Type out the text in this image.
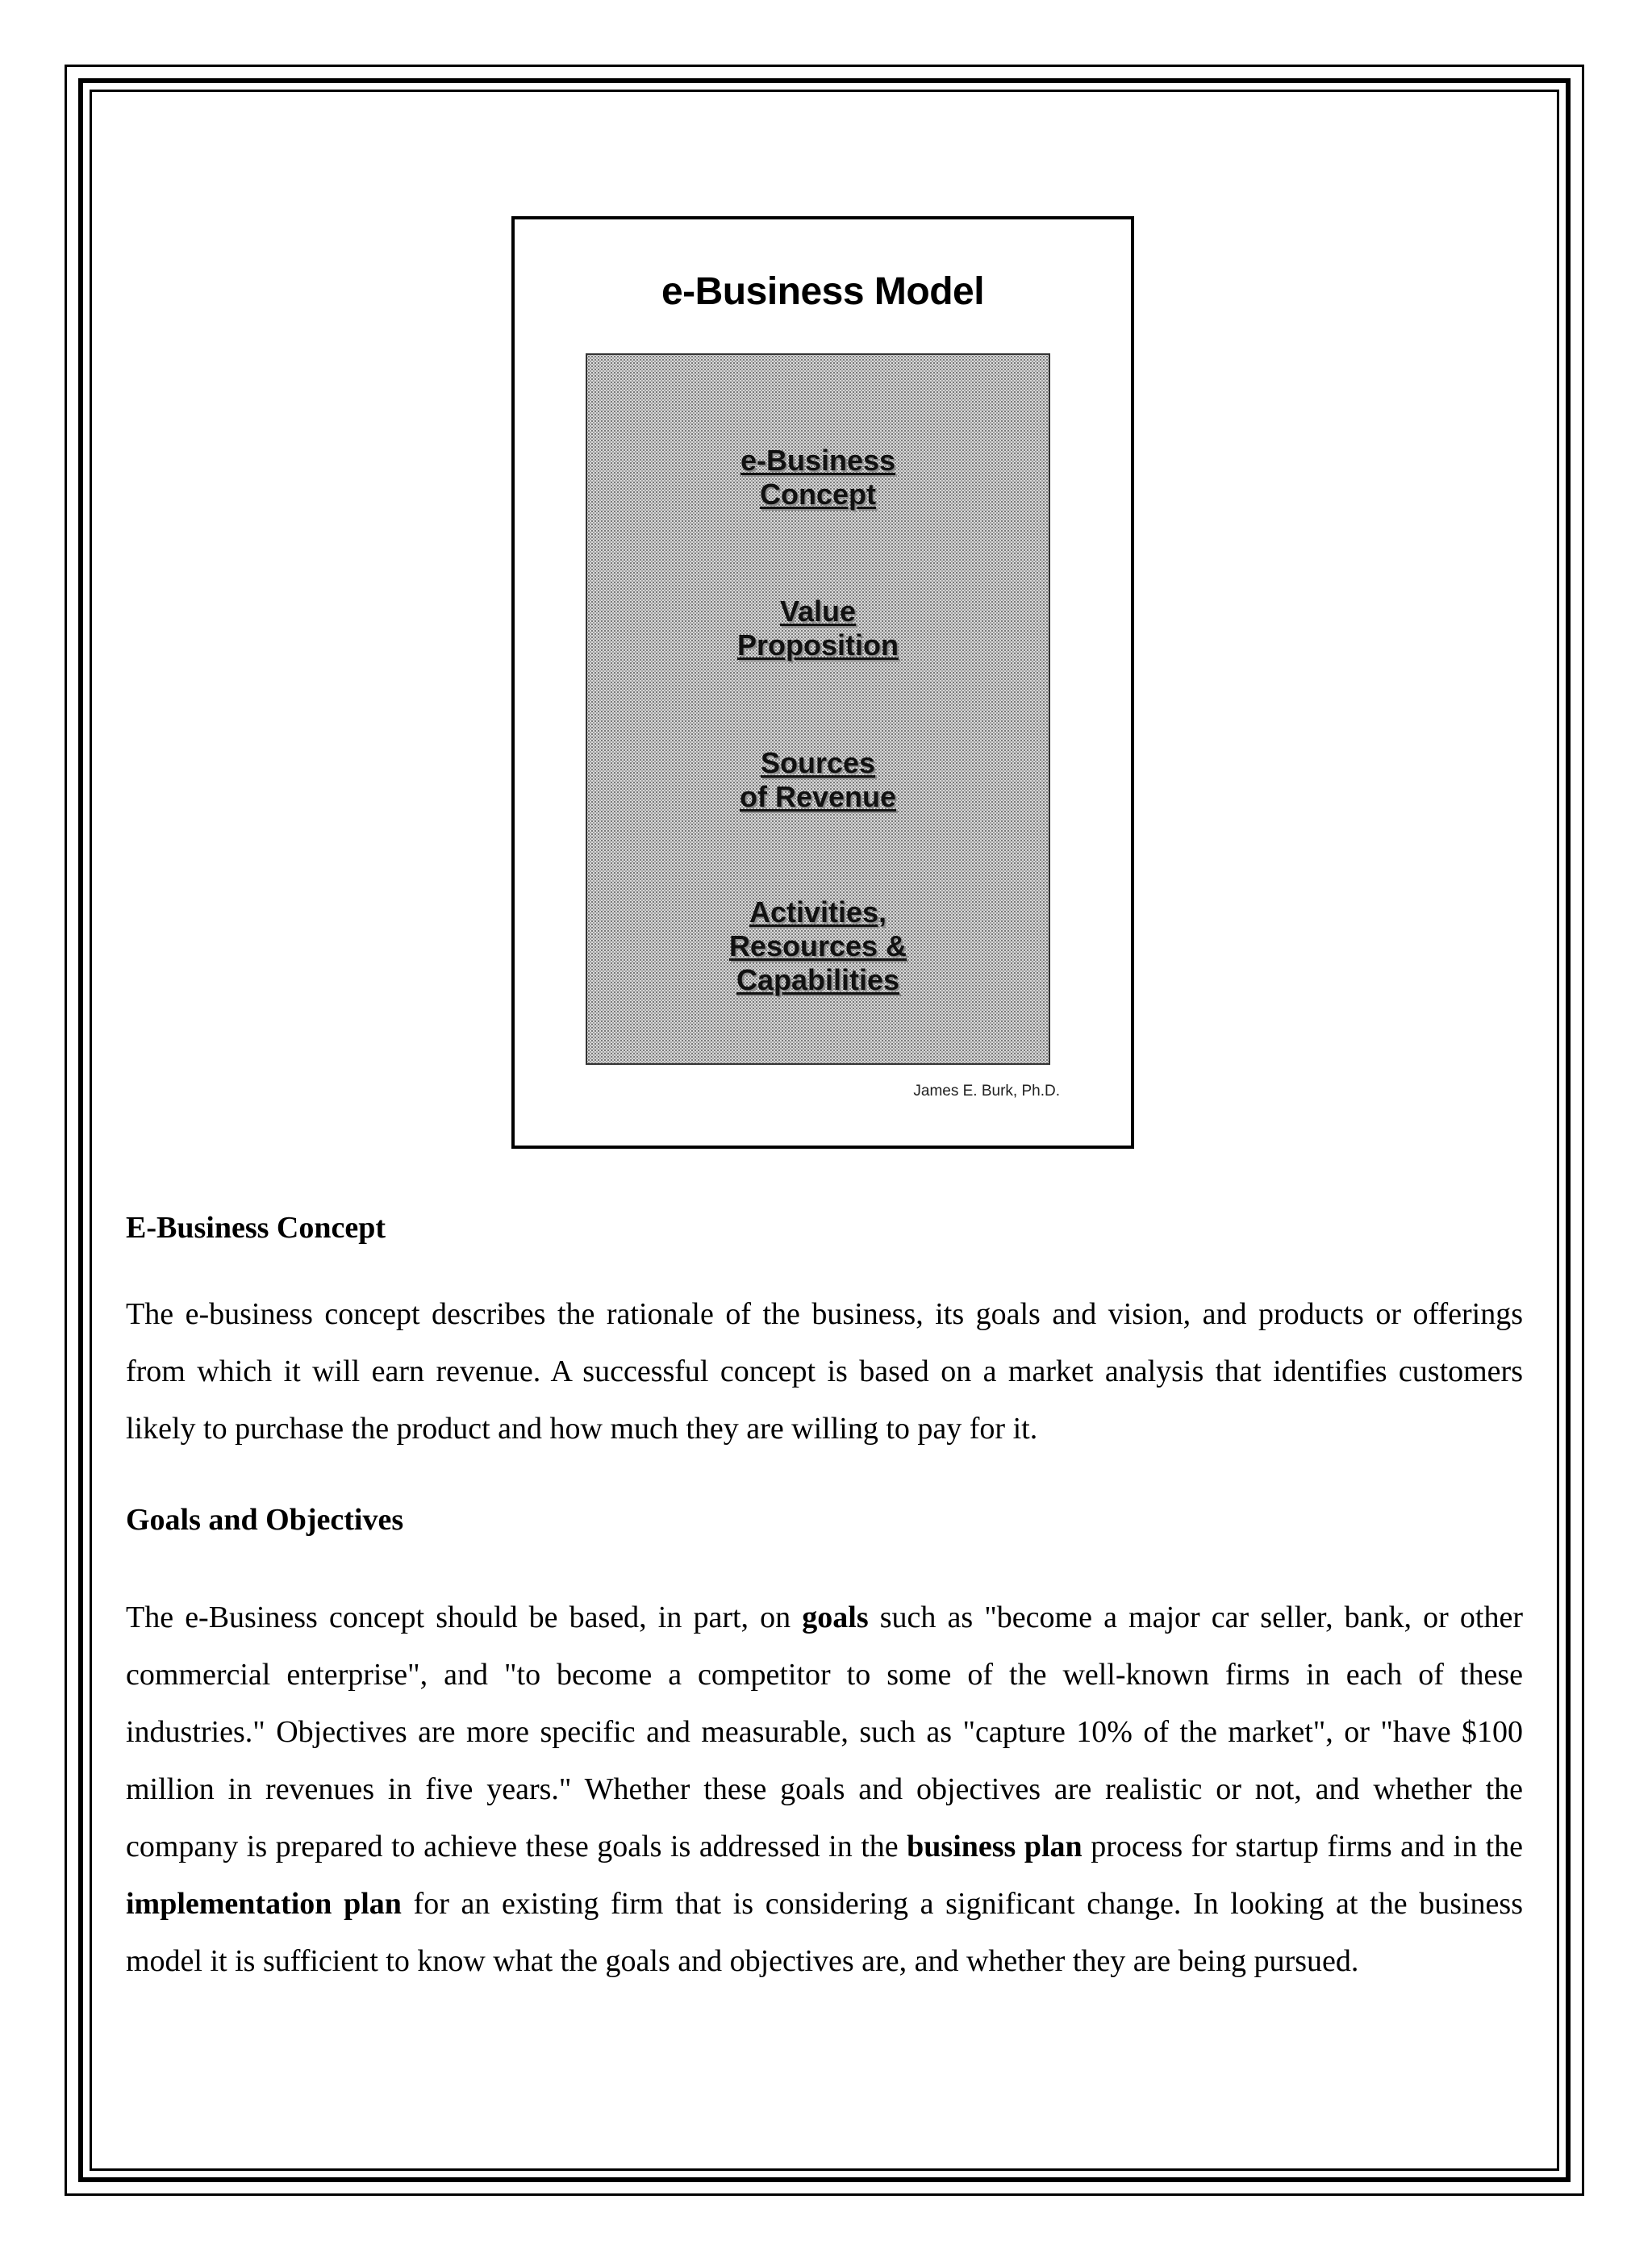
e-Business Model
e-Business
Concept
Value
Proposition
Sources
of Revenue
Activities,
Resources &
Capabilities
James E. Burk, Ph.D.
E-Business Concept

The e-business concept describes the rationale of the business, its goals and vision, and products or offerings from which it will earn revenue. A successful concept is based on a market analysis that identifies customers likely to purchase the product and how much they are willing to pay for it.

Goals and Objectives

The e-Business concept should be based, in part, on goals such as "become a major car seller, bank, or other commercial enterprise", and "to become a competitor to some of the well-known firms in each of these industries." Objectives are more specific and measurable, such as "capture 10% of the market", or "have $100 million in revenues in five years." Whether these goals and objectives are realistic or not, and whether the company is prepared to achieve these goals is addressed in the business plan process for startup firms and in the implementation plan for an existing firm that is considering a significant change. In looking at the business model it is sufficient to know what the goals and objectives are, and whether they are being pursued.
